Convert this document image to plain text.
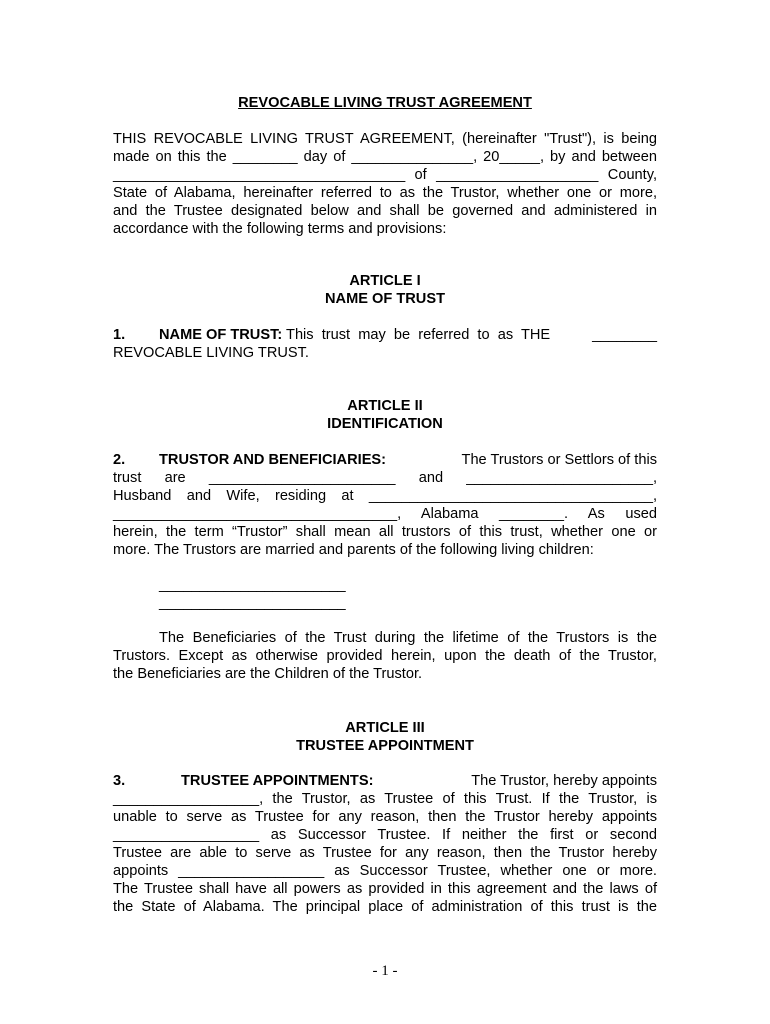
REVOCABLE LIVING TRUST AGREEMENT
THIS REVOCABLE LIVING TRUST AGREEMENT, (hereinafter "Trust"), is being
made on this the ________ day of _______________, 20_____, by and between
____________________________________ of ____________________ County,
State of Alabama, hereinafter referred to as the Trustor, whether one or more,
and the Trustee designated below and shall be governed and administered in
accordance with the following terms and provisions:
ARTICLE I
NAME OF TRUST
1.	NAME OF TRUST: This  trust  may  be  referred  to  as  THE	________
REVOCABLE LIVING TRUST.
ARTICLE II
IDENTIFICATION
2.	TRUSTOR AND BENEFICIARIES:	The Trustors or Settlors of this
trust are _______________________ and _______________________,
Husband and Wife, residing at ___________________________________,
___________________________________, Alabama ________. As used
herein, the term “Trustor” shall mean all trustors of this trust, whether one or
more. The Trustors are married and parents of the following living children:
_______________________
_______________________
The Beneficiaries of the Trust during the lifetime of the Trustors is the
Trustors. Except as otherwise provided herein, upon the death of the Trustor,
the Beneficiaries are the Children of the Trustor.
ARTICLE III
TRUSTEE APPOINTMENT
3.	TRUSTEE APPOINTMENTS:	The Trustor, hereby appoints
__________________, the Trustor, as Trustee of this Trust. If the Trustor, is
unable to serve as Trustee for any reason, then the Trustor hereby appoints
__________________ as Successor Trustee. If neither the first or second
Trustee are able to serve as Trustee for any reason, then the Trustor hereby
appoints __________________ as Successor Trustee, whether one or more.
The Trustee shall have all powers as provided in this agreement and the laws of
the State of Alabama. The principal place of administration of this trust is the
- 1 -
